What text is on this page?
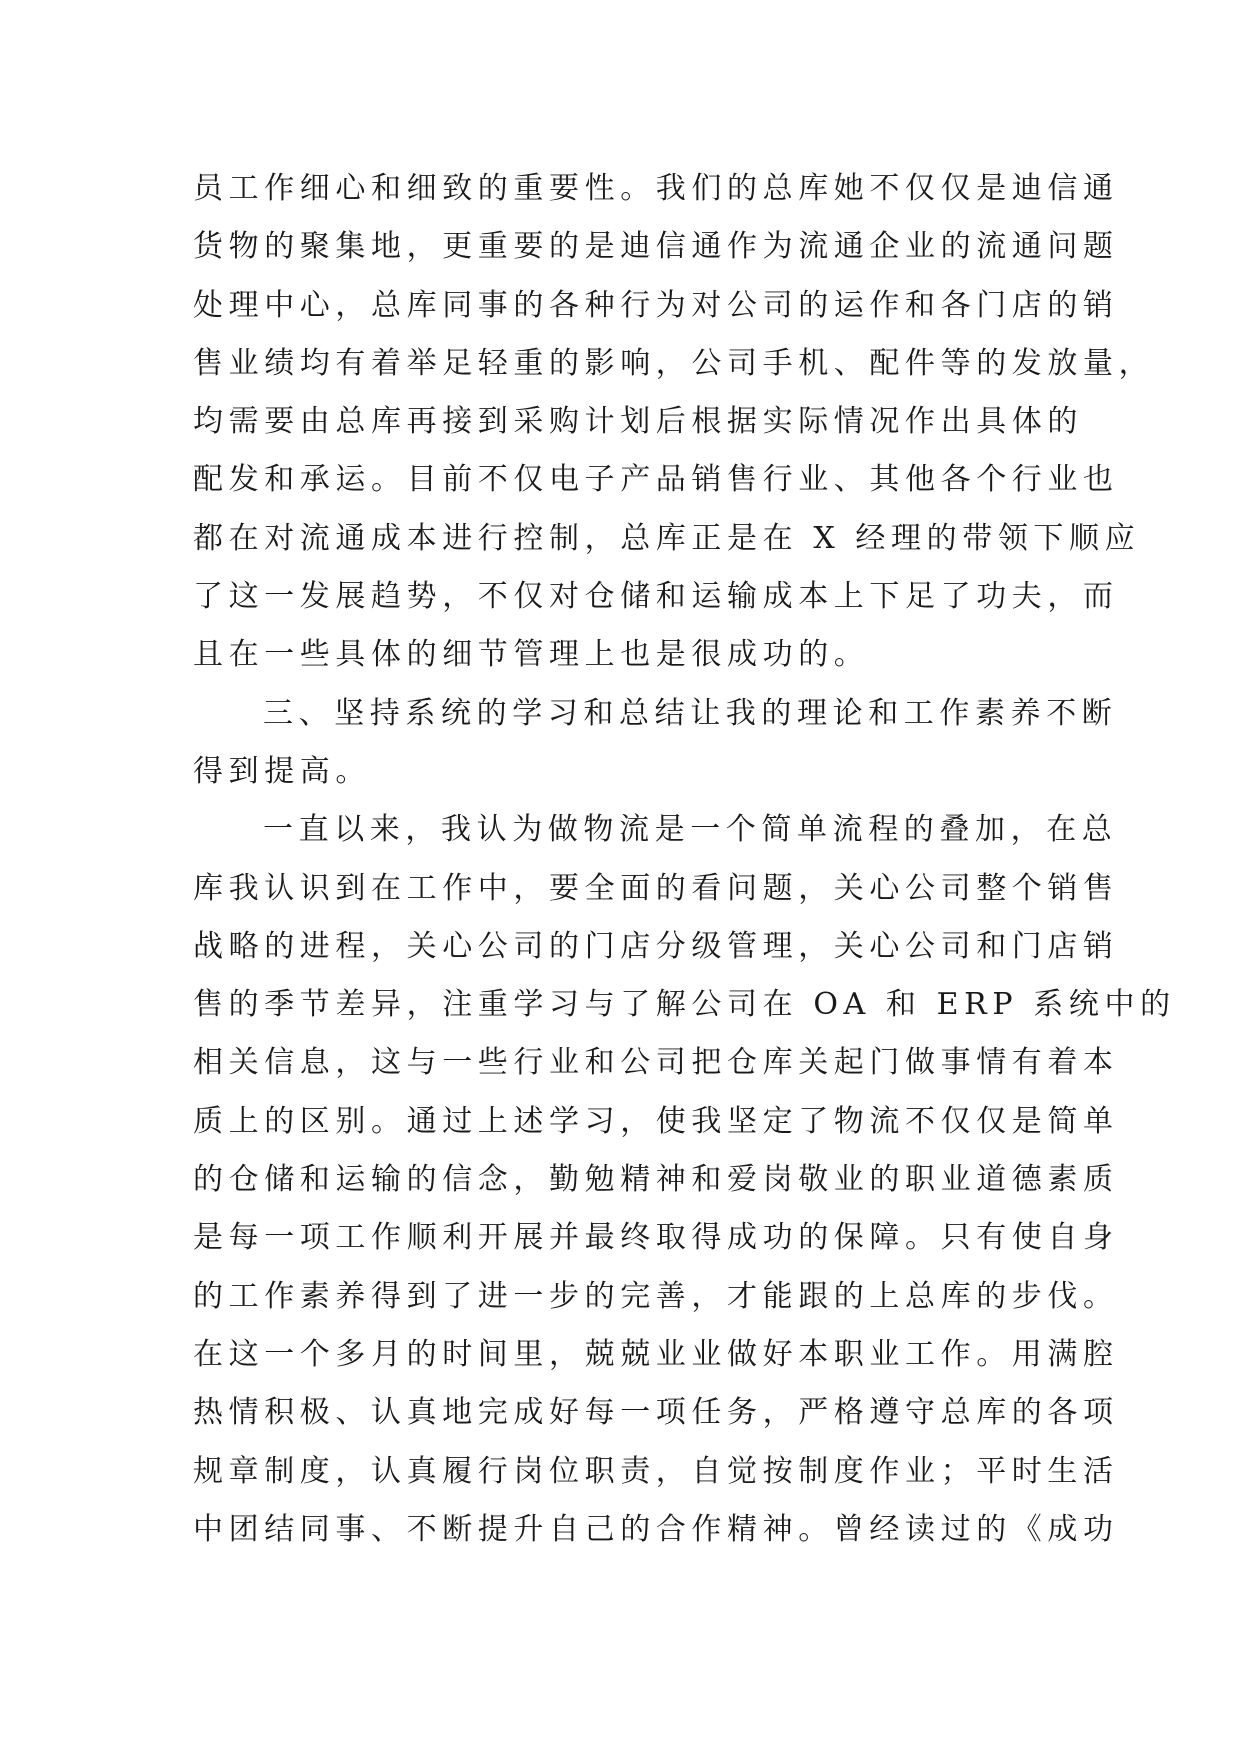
员工作细心和细致的重要性。我们的总库她不仅仅是迪信通
货物的聚集地，更重要的是迪信通作为流通企业的流通问题
处理中心，总库同事的各种行为对公司的运作和各门店的销
售业绩均有着举足轻重的影响，公司手机、配件等的发放量，
均需要由总库再接到采购计划后根据实际情况作出具体的
配发和承运。目前不仅电子产品销售行业、其他各个行业也
都在对流通成本进行控制，总库正是在 X 经理的带领下顺应
了这一发展趋势，不仅对仓储和运输成本上下足了功夫，而
且在一些具体的细节管理上也是很成功的。
三、坚持系统的学习和总结让我的理论和工作素养不断
得到提高。
一直以来，我认为做物流是一个简单流程的叠加，在总
库我认识到在工作中，要全面的看问题，关心公司整个销售
战略的进程，关心公司的门店分级管理，关心公司和门店销
售的季节差异，注重学习与了解公司在 OA 和 ERP 系统中的
相关信息，这与一些行业和公司把仓库关起门做事情有着本
质上的区别。通过上述学习，使我坚定了物流不仅仅是简单
的仓储和运输的信念，勤勉精神和爱岗敬业的职业道德素质
是每一项工作顺利开展并最终取得成功的保障。只有使自身
的工作素养得到了进一步的完善，才能跟的上总库的步伐。
在这一个多月的时间里，兢兢业业做好本职业工作。用满腔
热情积极、认真地完成好每一项任务，严格遵守总库的各项
规章制度，认真履行岗位职责，自觉按制度作业；平时生活
中团结同事、不断提升自己的合作精神。曾经读过的《成功
